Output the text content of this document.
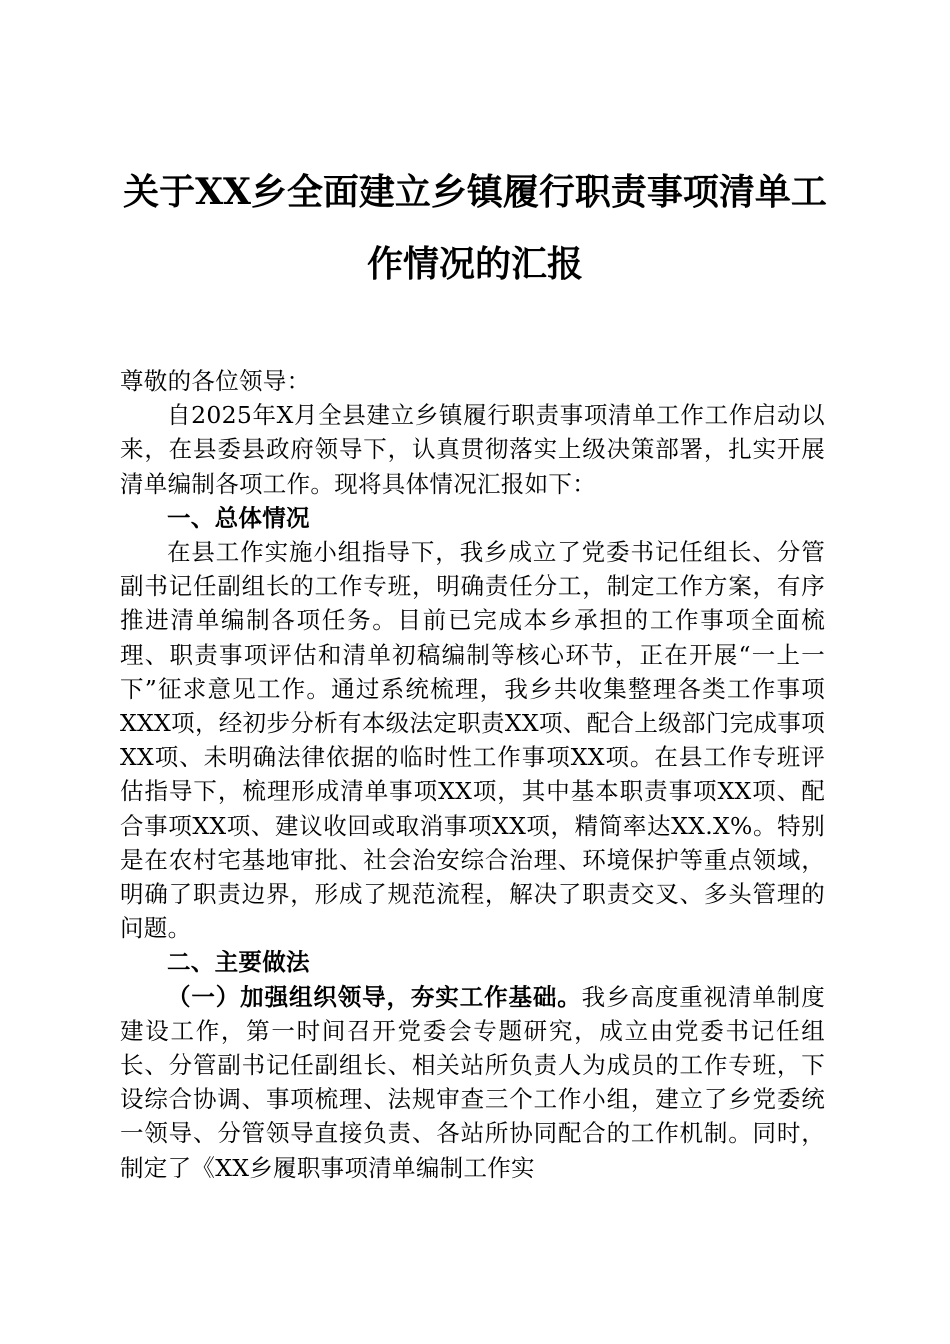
关于XX乡全面建立乡镇履行职责事项清单工
作情况的汇报

尊敬的各位领导：

自2025年X月全县建立乡镇履行职责事项清单工作工作启动以来，在县委县政府领导下，认真贯彻落实上级决策部署，扎实开展清单编制各项工作。现将具体情况汇报如下：

一、总体情况

在县工作实施小组指导下，我乡成立了党委书记任组长、分管副书记任副组长的工作专班，明确责任分工，制定工作方案，有序推进清单编制各项任务。目前已完成本乡承担的工作事项全面梳理、职责事项评估和清单初稿编制等核心环节，正在开展“一上一下”征求意见工作。通过系统梳理，我乡共收集整理各类工作事项XXX项，经初步分析有本级法定职责XX项、配合上级部门完成事项XX项、未明确法律依据的临时性工作事项XX项。在县工作专班评估指导下，梳理形成清单事项XX项，其中基本职责事项XX项、配合事项XX项、建议收回或取消事项XX项，精简率达XX.X%。特别是在农村宅基地审批、社会治安综合治理、环境保护等重点领域，明确了职责边界，形成了规范流程，解决了职责交叉、多头管理的问题。

二、主要做法

（一）加强组织领导，夯实工作基础。我乡高度重视清单制度建设工作，第一时间召开党委会专题研究，成立由党委书记任组长、分管副书记任副组长、相关站所负责人为成员的工作专班，下设综合协调、事项梳理、法规审查三个工作小组，建立了乡党委统一领导、分管领导直接负责、各站所协同配合的工作机制。同时，制定了《XX乡履职事项清单编制工作实
